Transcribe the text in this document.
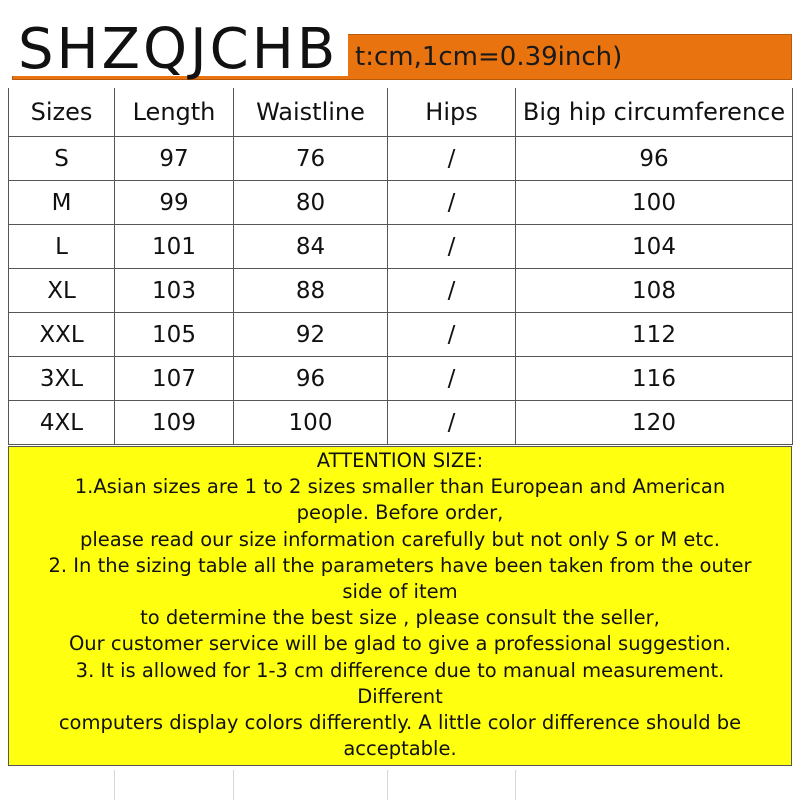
t:cm,1cm=0.39inch)
SHZQJCHB
Sizes	Length	Waistline	Hips	Big hip circumference
S	97	76	/	96
M	99	80	/	100
L	101	84	/	104
XL	103	88	/	108
XXL	105	92	/	112
3XL	107	96	/	116
4XL	109	100	/	120
ATTENTION SIZE:
1.Asian sizes are 1 to 2 sizes smaller than European and American
people. Before order,
please read our size information carefully but not only S or M etc.
2. In the sizing table all the parameters have been taken from the outer
side of item
to determine the best size , please consult the seller,
Our customer service will be glad to give a professional suggestion.
3. It is allowed for 1-3 cm difference due to manual measurement.
Different
computers display colors differently. A little color difference should be
acceptable.
